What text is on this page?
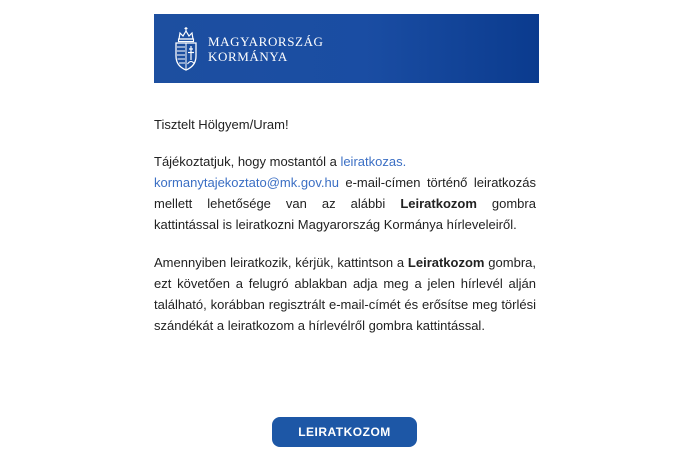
MAGYARORSZÁG
KORMÁNYA

Tisztelt Hölgyem/Uram!

Tájékoztatjuk, hogy mostantól a leiratkozas.
kormanytajekoztato@mk.gov.hu e-mail-címen történő leiratkozás mellett lehetősége van az alábbi Leiratkozom gombra kattintással is leiratkozni Magyarország Kormánya hírleveleiről.

Amennyiben leiratkozik, kérjük, kattintson a Leiratkozom gombra, ezt követően a felugró ablakban adja meg a jelen hírlevél alján található, korábban regisztrált e-mail-címét és erősítse meg törlési szándékát a leiratkozom a hírlevélről gombra kattintással.

LEIRATKOZOM
